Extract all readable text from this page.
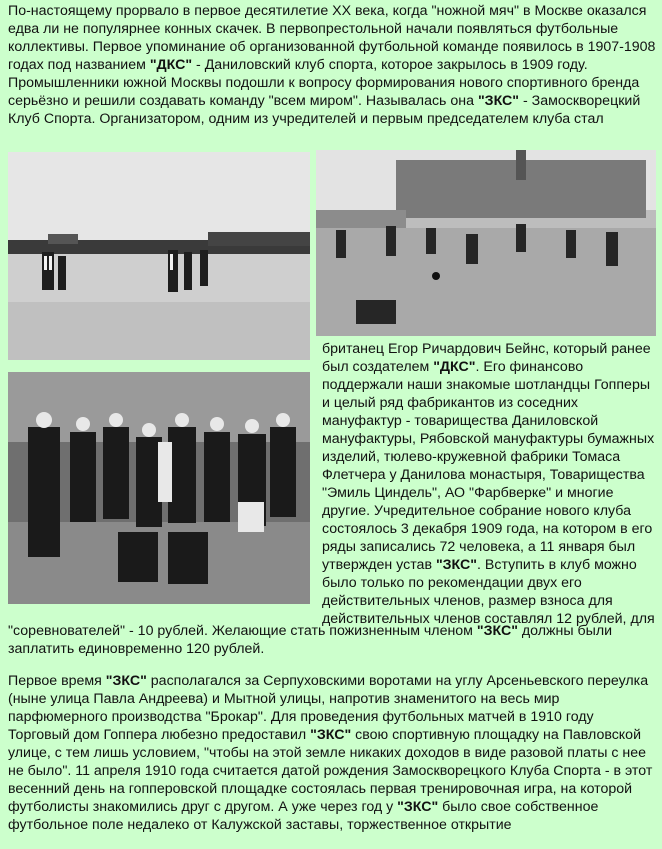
По-настоящему прорвало в первое десятилетие XX века, когда "ножной мяч" в Москве оказался едва ли не популярнее конных скачек. В первопрестольной начали появляться футбольные коллективы. Первое упоминание об организованной футбольной команде появилось в 1907-1908 годах под названием "ДКС" - Даниловский клуб спорта, которое закрылось в 1909 году.

Промышленники южной Москвы подошли к вопросу формирования нового спортивного бренда серьёзно и решили создавать команду "всем миром". Называлась она "ЗКС" - Замоскворецкий Клуб Спорта. Организатором, одним из учредителей и первым председателем клуба стал

британец Егор Ричардович Бейнс, который ранее был создателем "ДКС". Его финансово поддержали наши знакомые шотландцы Гопперы и целый ряд фабрикантов из соседних мануфактур - товарищества Даниловской мануфактуры, Рябовской мануфактуры бумажных изделий, тюлево-кружевной фабрики Томаса Флетчера у Данилова монастыря, Товарищества "Эмиль Циндель", АО "Фарбверке" и многие другие. Учредительное собрание нового клуба состоялось 3 декабря 1909 года, на котором в его ряды записались 72 человека, а 11 января был утвержден устав "ЗКС". Вступить в клуб можно было только по рекомендации двух его действительных членов, размер взноса для действительных членов составлял 12 рублей, для

"соревнователей" - 10 рублей. Желающие стать пожизненным членом "ЗКС" должны были заплатить единовременно 120 рублей.

Первое время "ЗКС" располагался за Серпуховскими воротами на углу Арсеньевского переулка (ныне улица Павла Андреева) и Мытной улицы, напротив знаменитого на весь мир парфюмерного производства "Брокар". Для проведения футбольных матчей в 1910 году Торговый дом Гоппера любезно предоставил "ЗКС" свою спортивную площадку на Павловской улице, с тем лишь условием, "чтобы на этой земле никаких доходов в виде разовой платы с нее не было". 11 апреля 1910 года считается датой рождения Замоскворецкого Клуба Спорта - в этот весенний день на гопперовской площадке состоялась первая тренировочная игра, на которой футболисты знакомились друг с другом. А уже через год у "ЗКС" было свое собственное футбольное поле недалеко от Калужской заставы, торжественное открытие
